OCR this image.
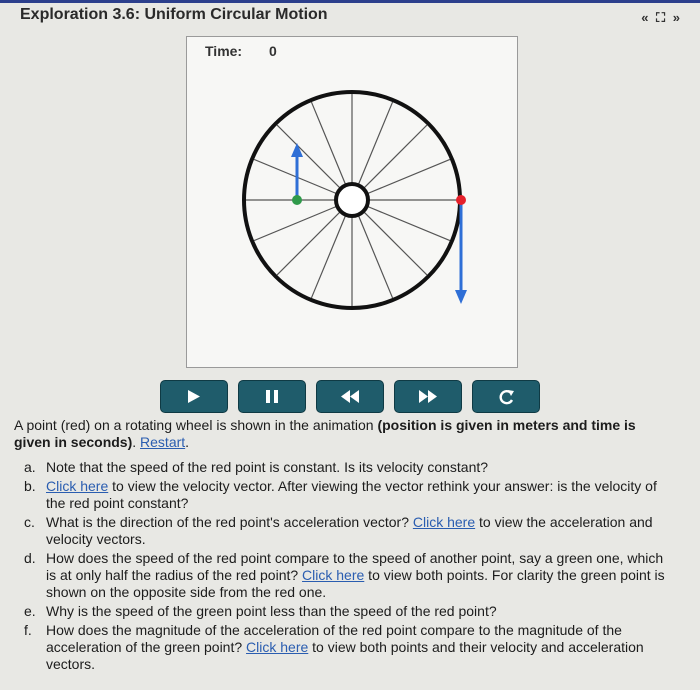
Exploration 3.6: Uniform Circular Motion	« ⛶ »
Time: 0

A point (red) on a rotating wheel is shown in the animation (position is given in meters and time is given in seconds). Restart.

a. Note that the speed of the red point is constant. Is its velocity constant?
b. Click here to view the velocity vector. After viewing the vector rethink your answer: is the velocity of the red point constant?
c. What is the direction of the red point's acceleration vector? Click here to view the acceleration and velocity vectors.
d. How does the speed of the red point compare to the speed of another point, say a green one, which is at only half the radius of the red point? Click here to view both points. For clarity the green point is shown on the opposite side from the red one.
e. Why is the speed of the green point less than the speed of the red point?
f. How does the magnitude of the acceleration of the red point compare to the magnitude of the acceleration of the green point? Click here to view both points and their velocity and acceleration vectors.
